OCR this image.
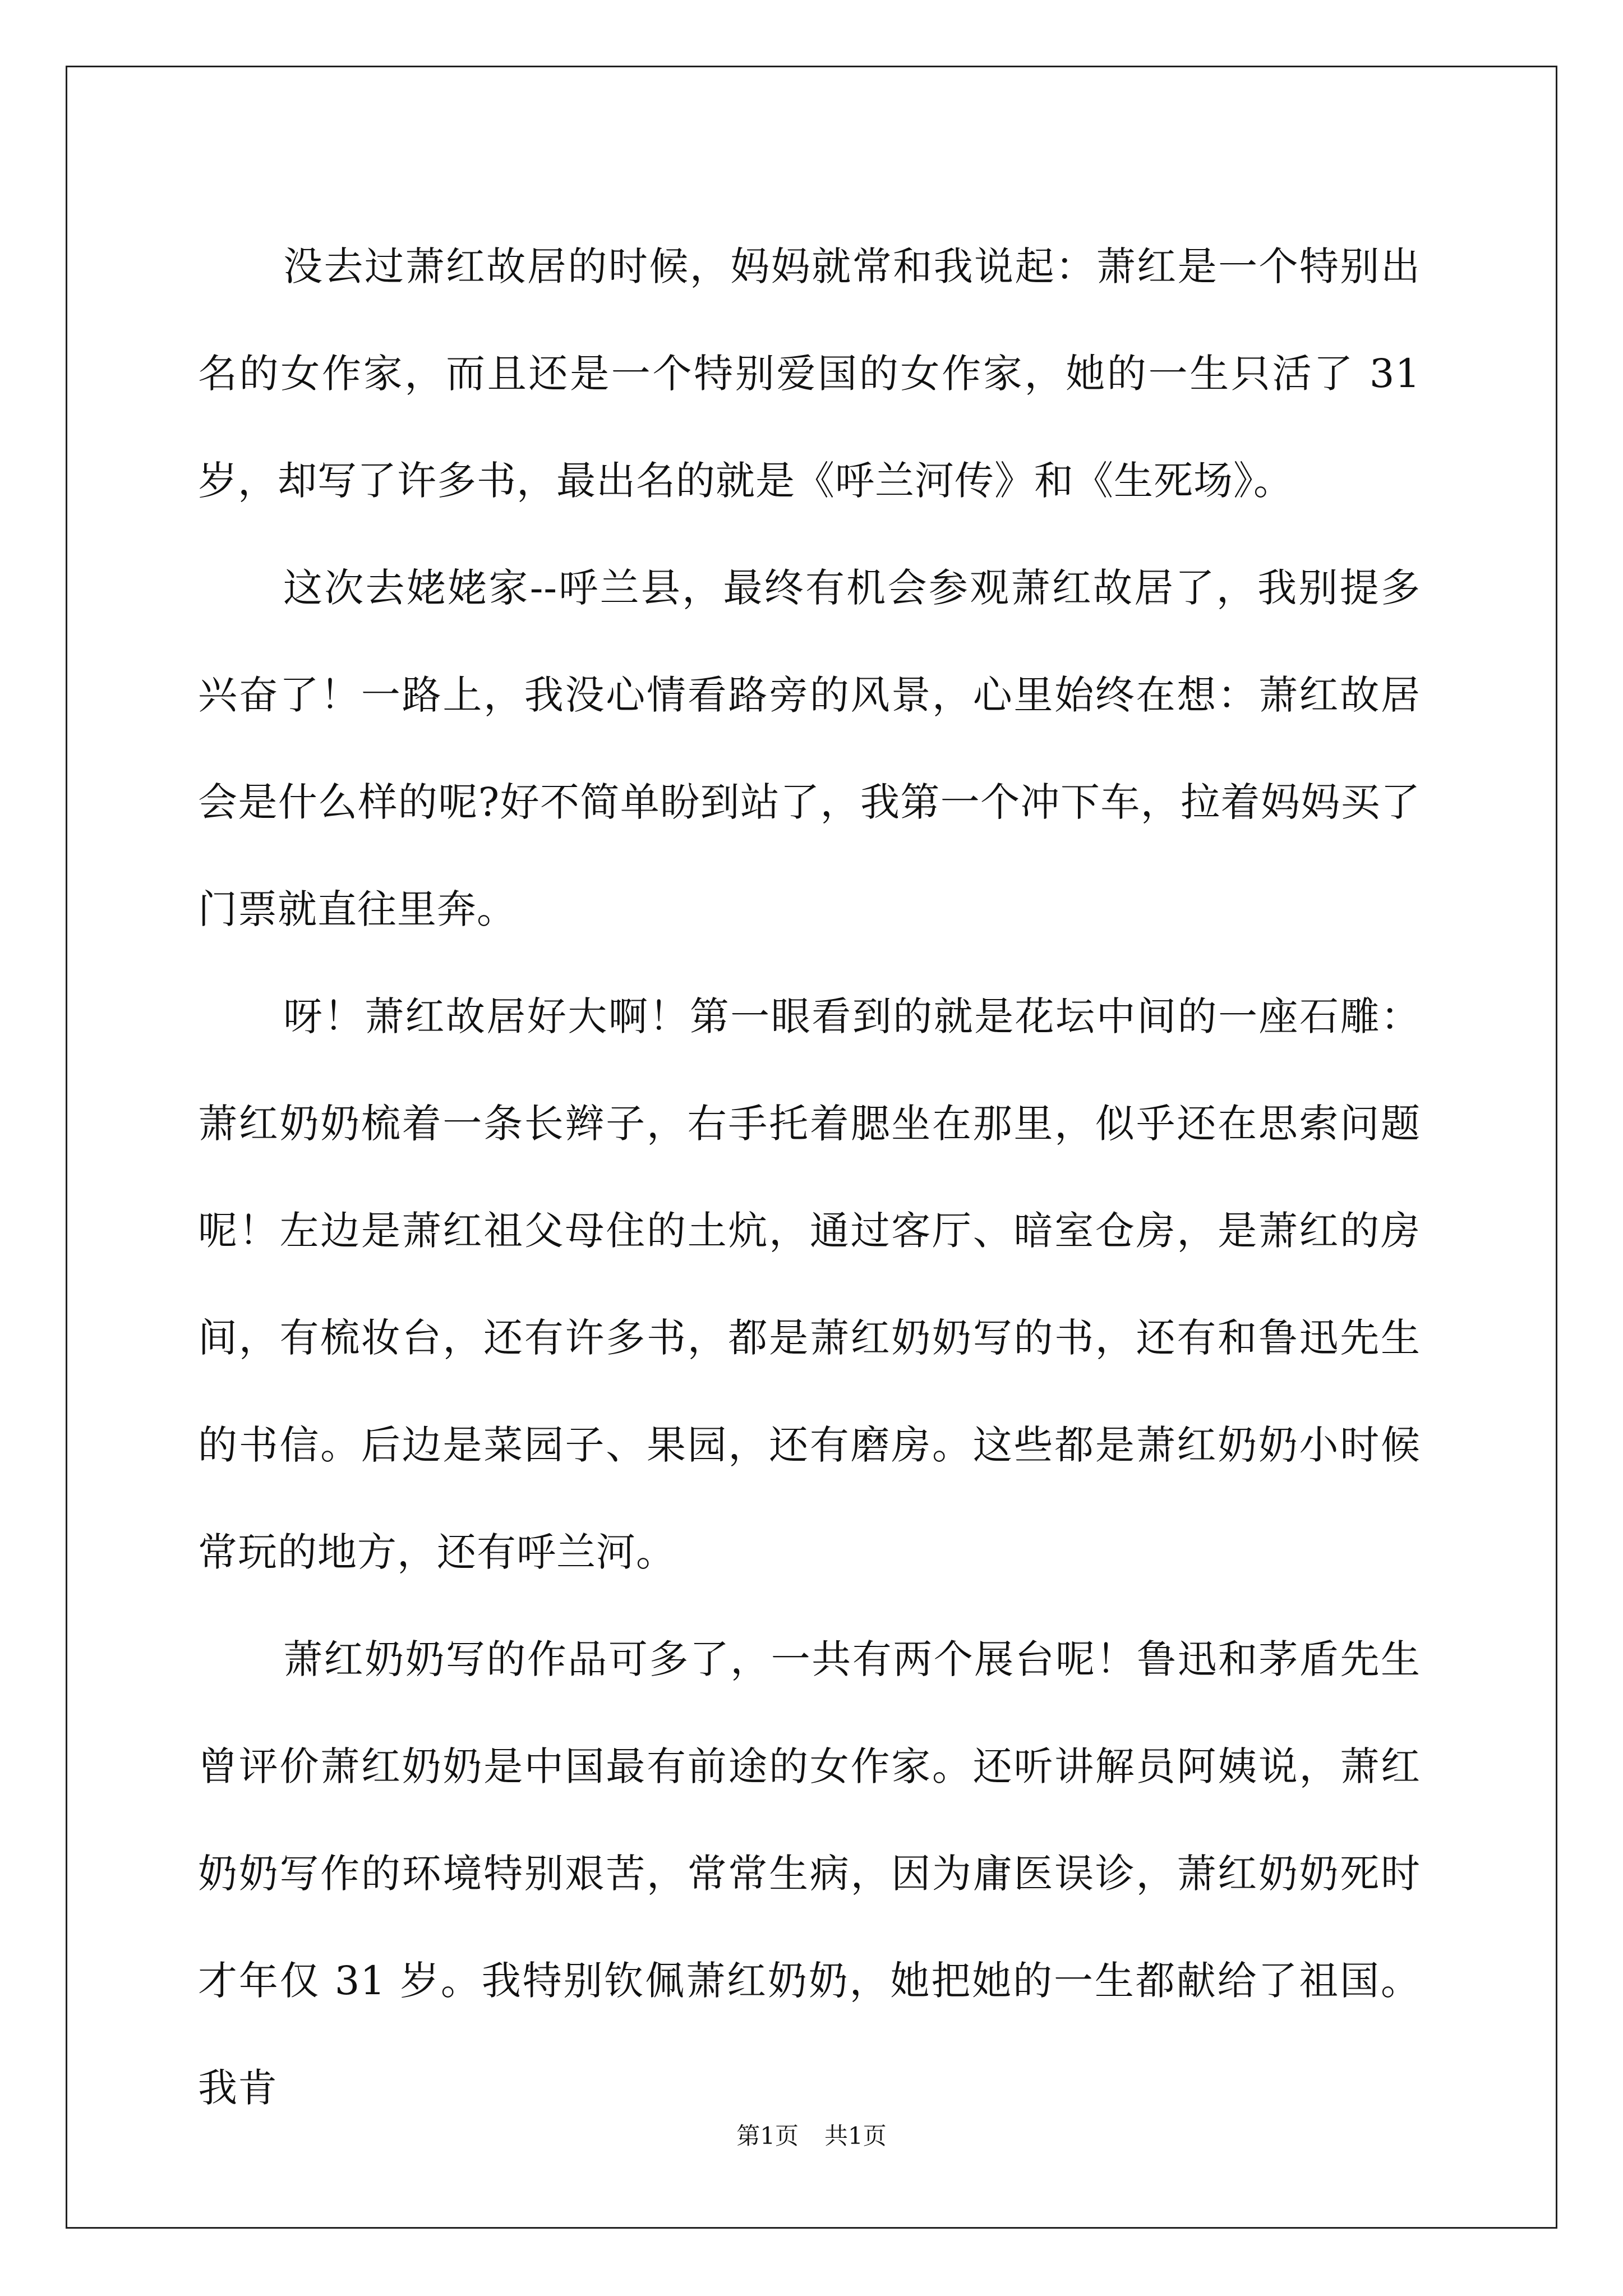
没去过萧红故居的时候，妈妈就常和我说起：萧红是一个特别出名的女作家，而且还是一个特别爱国的女作家，她的一生只活了 31 岁，却写了许多书，最出名的就是《呼兰河传》和《生死场》。

这次去姥姥家--呼兰县，最终有机会参观萧红故居了，我别提多兴奋了！一路上，我没心情看路旁的风景，心里始终在想：萧红故居会是什么样的呢?好不简单盼到站了，我第一个冲下车，拉着妈妈买了门票就直往里奔。

呀！萧红故居好大啊！第一眼看到的就是花坛中间的一座石雕：萧红奶奶梳着一条长辫子，右手托着腮坐在那里，似乎还在思索问题呢！左边是萧红祖父母住的土炕，通过客厅、暗室仓房，是萧红的房间，有梳妆台，还有许多书，都是萧红奶奶写的书，还有和鲁迅先生的书信。后边是菜园子、果园，还有磨房。这些都是萧红奶奶小时候常玩的地方，还有呼兰河。

萧红奶奶写的作品可多了，一共有两个展台呢！鲁迅和茅盾先生曾评价萧红奶奶是中国最有前途的女作家。还听讲解员阿姨说，萧红奶奶写作的环境特别艰苦，常常生病，因为庸医误诊，萧红奶奶死时才年仅 31 岁。我特别钦佩萧红奶奶，她把她的一生都献给了祖国。我肯

第1页 共1页
